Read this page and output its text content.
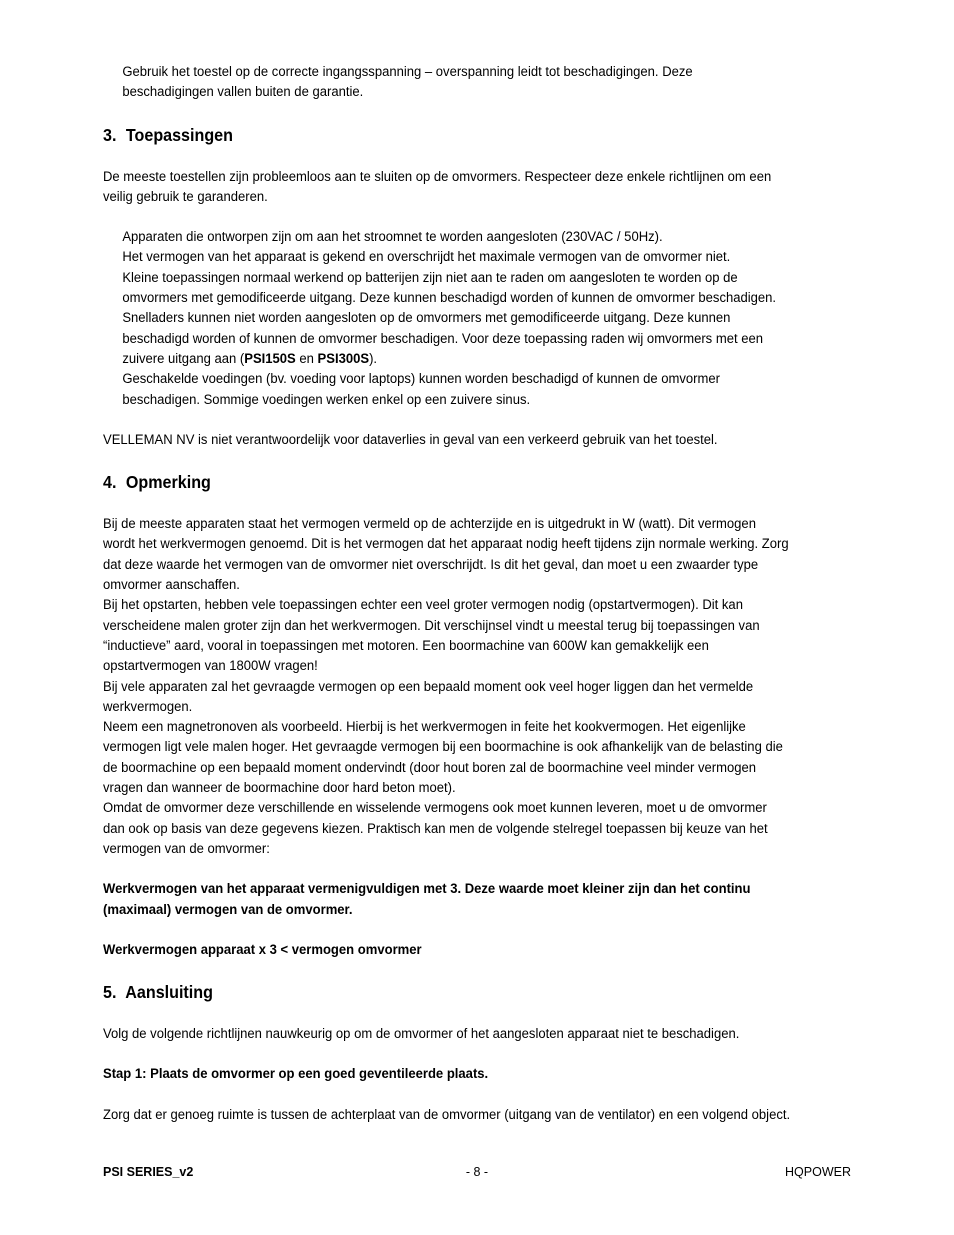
Gebruik het toestel op de correcte ingangsspanning – overspanning leidt tot beschadigingen. Deze

beschadigingen vallen buiten de garantie.

3. Toepassingen

De meeste toestellen zijn probleemloos aan te sluiten op de omvormers. Respecteer deze enkele richtlijnen om een veilig gebruik te garanderen.

Apparaten die ontworpen zijn om aan het stroomnet te worden aangesloten (230VAC / 50Hz).

Het vermogen van het apparaat is gekend en overschrijdt het maximale vermogen van de omvormer niet.

Kleine toepassingen normaal werkend op batterijen zijn niet aan te raden om aangesloten te worden op de omvormers met gemodificeerde uitgang. Deze kunnen beschadigd worden of kunnen de omvormer beschadigen.

Snelladers kunnen niet worden aangesloten op de omvormers met gemodificeerde uitgang. Deze kunnen beschadigd worden of kunnen de omvormer beschadigen. Voor deze toepassing raden wij omvormers met een zuivere uitgang aan (PSI150S en PSI300S).

Geschakelde voedingen (bv. voeding voor laptops) kunnen worden beschadigd of kunnen de omvormer beschadigen. Sommige voedingen werken enkel op een zuivere sinus.

VELLEMAN NV is niet verantwoordelijk voor dataverlies in geval van een verkeerd gebruik van het toestel.

4. Opmerking

Bij de meeste apparaten staat het vermogen vermeld op de achterzijde en is uitgedrukt in W (watt). Dit vermogen wordt het werkvermogen genoemd. Dit is het vermogen dat het apparaat nodig heeft tijdens zijn normale werking. Zorg dat deze waarde het vermogen van de omvormer niet overschrijdt. Is dit het geval, dan moet u een zwaarder type omvormer aanschaffen.

Bij het opstarten, hebben vele toepassingen echter een veel groter vermogen nodig (opstartvermogen). Dit kan verscheidene malen groter zijn dan het werkvermogen. Dit verschijnsel vindt u meestal terug bij toepassingen van “inductieve” aard, vooral in toepassingen met motoren. Een boormachine van 600W kan gemakkelijk een opstartvermogen van 1800W vragen!

Bij vele apparaten zal het gevraagde vermogen op een bepaald moment ook veel hoger liggen dan het vermelde werkvermogen.

Neem een magnetronoven als voorbeeld. Hierbij is het werkvermogen in feite het kookvermogen. Het eigenlijke vermogen ligt vele malen hoger. Het gevraagde vermogen bij een boormachine is ook afhankelijk van de belasting die de boormachine op een bepaald moment ondervindt (door hout boren zal de boormachine veel minder vermogen vragen dan wanneer de boormachine door hard beton moet).

Omdat de omvormer deze verschillende en wisselende vermogens ook moet kunnen leveren, moet u de omvormer dan ook op basis van deze gegevens kiezen. Praktisch kan men de volgende stelregel toepassen bij keuze van het vermogen van de omvormer:

Werkvermogen van het apparaat vermenigvuldigen met 3. Deze waarde moet kleiner zijn dan het continu (maximaal) vermogen van de omvormer.

Werkvermogen apparaat x 3 < vermogen omvormer

5. Aansluiting

Volg de volgende richtlijnen nauwkeurig op om de omvormer of het aangesloten apparaat niet te beschadigen.

Stap 1: Plaats de omvormer op een goed geventileerde plaats.

Zorg dat er genoeg ruimte is tussen de achterplaat van de omvormer (uitgang van de ventilator) en een volgend object.

PSI SERIES_v2	- 8 -	HQPOWER
